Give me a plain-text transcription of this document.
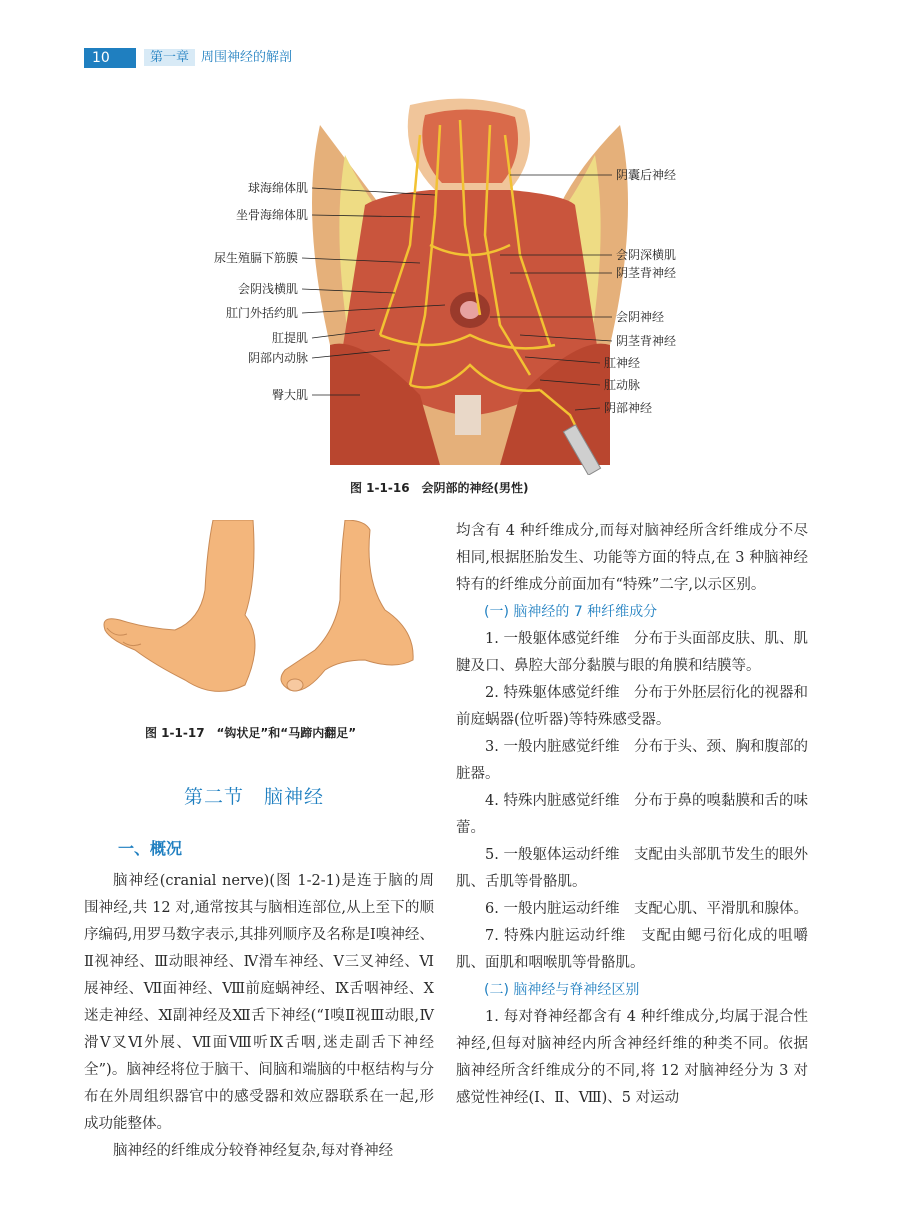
10	第一章 周围神经的解剖
球海绵体肌
坐骨海绵体肌
尿生殖膈下筋膜
会阴浅横肌
肛门外括约肌
肛提肌
阴部内动脉
臀大肌
阴囊后神经
会阴深横肌
阴茎背神经
会阴神经
阴茎背神经
肛神经
肛动脉
阴部神经
图 1-1-16　会阴部的神经(男性)
图 1-1-17　“钩状足”和“马蹄内翻足”
第二节　脑神经
一、概况

脑神经(cranial nerve)(图 1-2-1)是连于脑的周围神经,共 12 对,通常按其与脑相连部位,从上至下的顺序编码,用罗马数字表示,其排列顺序及名称是Ⅰ嗅神经、Ⅱ视神经、Ⅲ动眼神经、Ⅳ滑车神经、Ⅴ三叉神经、Ⅵ展神经、Ⅶ面神经、Ⅷ前庭蜗神经、Ⅸ舌咽神经、Ⅹ迷走神经、Ⅺ副神经及Ⅻ舌下神经(“Ⅰ嗅Ⅱ视Ⅲ动眼,Ⅳ滑Ⅴ叉Ⅵ外展、Ⅶ面Ⅷ听Ⅸ舌咽,迷走副舌下神经全”)。脑神经将位于脑干、间脑和端脑的中枢结构与分布在外周组织器官中的感受器和效应器联系在一起,形成功能整体。

脑神经的纤维成分较脊神经复杂,每对脊神经

均含有 4 种纤维成分,而每对脑神经所含纤维成分不尽相同,根据胚胎发生、功能等方面的特点,在 3 种脑神经特有的纤维成分前面加有“特殊”二字,以示区别。

(一) 脑神经的 7 种纤维成分

1. 一般躯体感觉纤维　分布于头面部皮肤、肌、肌腱及口、鼻腔大部分黏膜与眼的角膜和结膜等。

2. 特殊躯体感觉纤维　分布于外胚层衍化的视器和前庭蜗器(位听器)等特殊感受器。

3. 一般内脏感觉纤维　分布于头、颈、胸和腹部的脏器。

4. 特殊内脏感觉纤维　分布于鼻的嗅黏膜和舌的味蕾。

5. 一般躯体运动纤维　支配由头部肌节发生的眼外肌、舌肌等骨骼肌。

6. 一般内脏运动纤维　支配心肌、平滑肌和腺体。

7. 特殊内脏运动纤维　支配由鳃弓衍化成的咀嚼肌、面肌和咽喉肌等骨骼肌。

(二) 脑神经与脊神经区别

1. 每对脊神经都含有 4 种纤维成分,均属于混合性神经,但每对脑神经内所含神经纤维的种类不同。依据脑神经所含纤维成分的不同,将 12 对脑神经分为 3 对感觉性神经(Ⅰ、Ⅱ、Ⅷ)、5 对运动
